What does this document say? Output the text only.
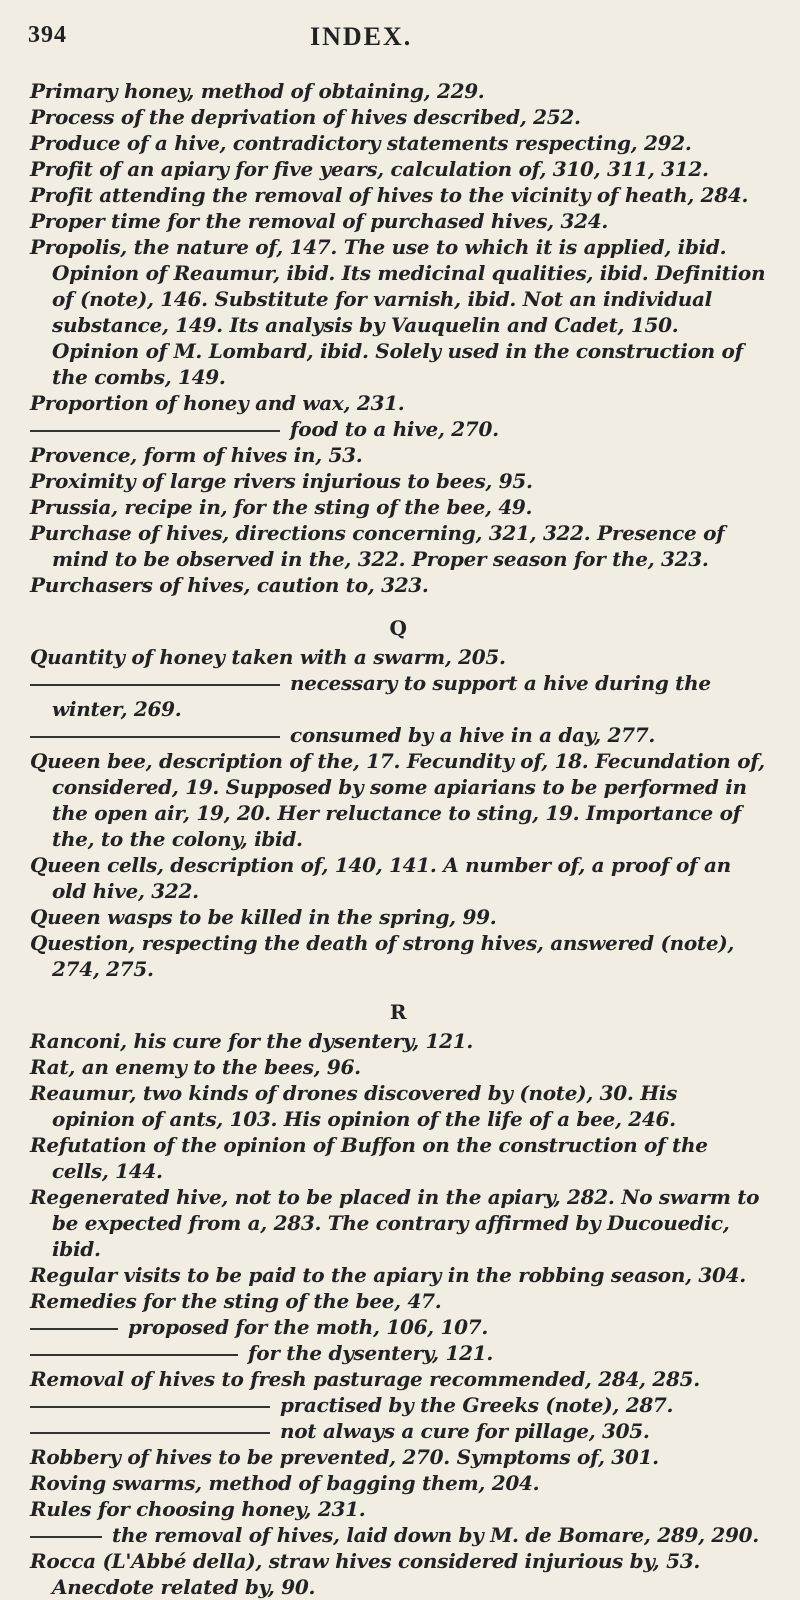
394	INDEX.

Primary honey, method of obtaining, 229.

Process of the deprivation of hives described, 252.

Produce of a hive, contradictory statements respecting, 292.

Profit of an apiary for five years, calculation of, 310, 311, 312.

Profit attending the removal of hives to the vicinity of heath, 284.

Proper time for the removal of purchased hives, 324.

Propolis, the nature of, 147. The use to which it is applied, ibid. Opinion of Reaumur, ibid. Its medicinal qualities, ibid. Definition of (note), 146. Substitute for varnish, ibid. Not an individual substance, 149. Its analysis by Vauquelin and Cadet, 150. Opinion of M. Lombard, ibid. Solely used in the construction of the combs, 149.

Proportion of honey and wax, 231.

food to a hive, 270.

Provence, form of hives in, 53.

Proximity of large rivers injurious to bees, 95.

Prussia, recipe in, for the sting of the bee, 49.

Purchase of hives, directions concerning, 321, 322. Presence of mind to be observed in the, 322. Proper season for the, 323.

Purchasers of hives, caution to, 323.

Q

Quantity of honey taken with a swarm, 205.

necessary to support a hive during the winter, 269.

consumed by a hive in a day, 277.

Queen bee, description of the, 17. Fecundity of, 18. Fecundation of, considered, 19. Supposed by some apiarians to be performed in the open air, 19, 20. Her reluctance to sting, 19. Importance of the, to the colony, ibid.

Queen cells, description of, 140, 141. A number of, a proof of an old hive, 322.

Queen wasps to be killed in the spring, 99.

Question, respecting the death of strong hives, answered (note), 274, 275.

R

Ranconi, his cure for the dysentery, 121.

Rat, an enemy to the bees, 96.

Reaumur, two kinds of drones discovered by (note), 30. His opinion of ants, 103. His opinion of the life of a bee, 246.

Refutation of the opinion of Buffon on the construction of the cells, 144.

Regenerated hive, not to be placed in the apiary, 282. No swarm to be expected from a, 283. The contrary affirmed by Ducouedic, ibid.

Regular visits to be paid to the apiary in the robbing season, 304.

Remedies for the sting of the bee, 47.

proposed for the moth, 106, 107.

for the dysentery, 121.

Removal of hives to fresh pasturage recommended, 284, 285.

practised by the Greeks (note), 287.

not always a cure for pillage, 305.

Robbery of hives to be prevented, 270. Symptoms of, 301.

Roving swarms, method of bagging them, 204.

Rules for choosing honey, 231.

the removal of hives, laid down by M. de Bomare, 289, 290.

Rocca (L'Abbé della), straw hives considered injurious by, 53. Anecdote related by, 90.
